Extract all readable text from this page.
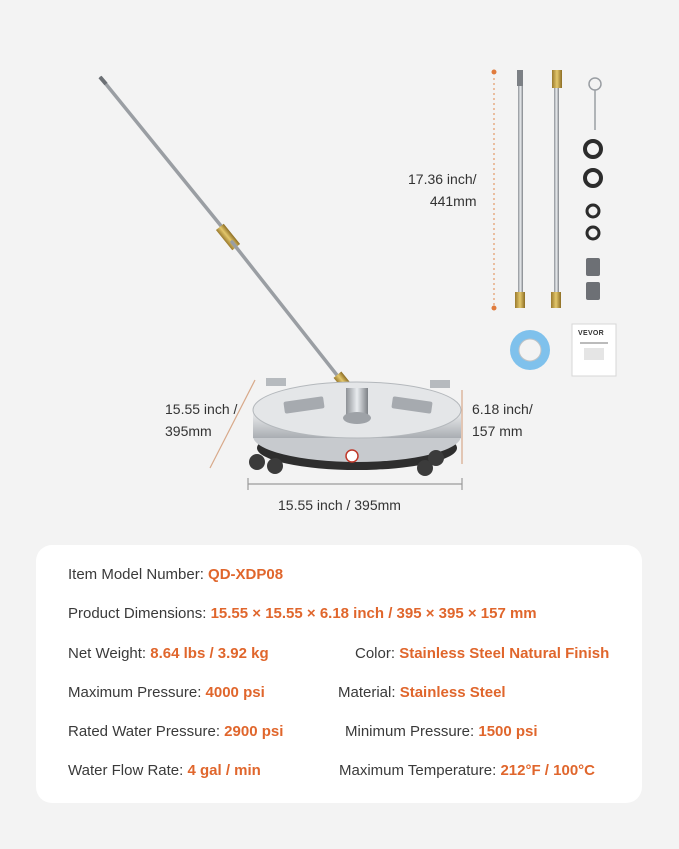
VEVOR
17.36 inch/
441mm
15.55 inch /
395mm
6.18 inch/
157 mm
15.55 inch / 395mm
Item Model Number: QD-XDP08
Product Dimensions: 15.55 × 15.55 × 6.18 inch / 395 × 395 × 157 mm
Net Weight: 8.64 lbs / 3.92 kg	Color: Stainless Steel Natural Finish
Maximum Pressure: 4000 psi	Material: Stainless Steel
Rated Water Pressure: 2900 psi	Minimum Pressure: 1500 psi
Water Flow Rate: 4 gal / min	Maximum Temperature: 212°F / 100°C
